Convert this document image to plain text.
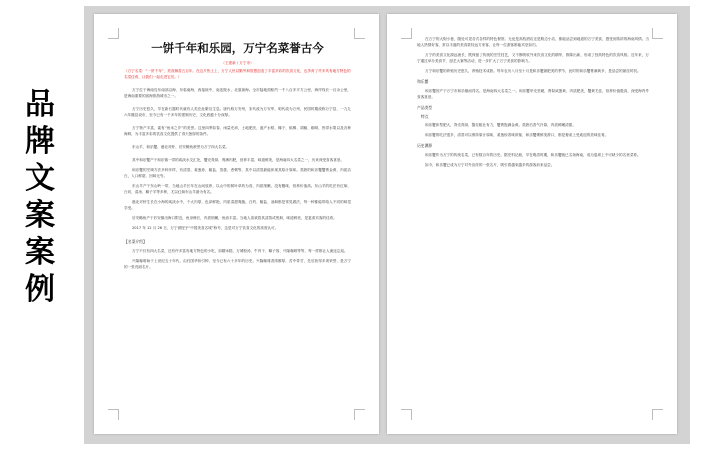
品
牌
文
案
案
例
一饼千年和乐园，万宁名菜誉古今
（王建新 / 万宁市）
（万宁名菜：“一饼千年”，美食飘香五百年。在这片热土上，万宁人民以勤劳和智慧创造了丰富多彩的饮食文化，也孕育了许多具有地方特色的名菜佳肴，让我们一起走进它们。）
万宁位于海南岛东南部沿海，东临南海，西接琼中，南连陵水，北靠琼海。全市陆地面积约一千八百多平方公里，海岸线长一百余公里，是海南重要的滨海旅游城市之一。
万宁历史悠久，早在新石器时代就有人类在此繁衍生息。唐代称万安州，宋代改为万安军，明代改为万州，民国时期改称万宁县，一九九六年撤县设市，至今已有一千多年的建制历史，文化底蕴十分深厚。
万宁物产丰富，素有“鱼米之乡”的美誉。这里四季如春，雨量充沛，土地肥沃，盛产水稻、椰子、槟榔、胡椒、咖啡、热带水果以及各种海鲜，为丰富多彩的饮食文化提供了得天独厚的条件。
东山羊、和乐蟹、港北对虾、后安鲻鱼被誉为万宁四大名菜。
其中和乐蟹产于和乐镇一带的咸淡水交汇处，蟹壳青绿，膏满肉肥，营养丰富，味道鲜美，是海南四大名菜之一，历来深受食客喜爱。
和乐蟹的烹调方法多种多样，有清蒸、姜葱炒、椒盐、蒸蛋、煮粥等，其中以清蒸最能体现其原汁原味。蒸熟的和乐蟹蟹膏金黄，肉质洁白，入口鲜甜，回味无穷。
东山羊产于东山岭一带，当地山羊长年在山间放养，以山中的树叶草药为食，肉质细嫩，没有膻味，营养价值高。东山羊的吃法有红焖、白切、清汤、椰子羊等多种，尤以红焖东山羊最为有名。
港北对虾生长在小海的咸淡水中，个大肉厚，色泽鲜艳，肉质清甜爽脆。白灼、椒盐、油焖都是常见做法，每一种都能带给人不同的味觉享受。
后安鲻鱼产于后安镇出海口附近，鱼身修长，肉质细嫩，鱼油丰富。当地人喜欢将其清蒸或煎焖，味道鲜美，是宴请宾客的佳肴。
2017 年 12 月 26 日，万宁被授予“中国美食名城”称号，这是对万宁饮食文化的高度认可。
【名菜介绍】
万宁不仅有四大名菜，还有许多富有地方特色的小吃，如糯米糕、万城粉汤、牛肉干、椰子饭、兴隆咖啡等等，每一样都让人流连忘返。
兴隆咖啡始于上世纪五十年代，由归国华侨引种，至今已有六十多年的历史。兴隆咖啡香浓醇厚，苦中带甘，先后获得多项荣誉，是万宁的一张亮丽名片。
在万宁的大街小巷，随处可见各式各样的特色餐馆。无论是高档酒店还是路边小店，都能品尝到地道的万宁美食，感受到浓浓的海南风情。当地人热情好客，常以丰盛的美食款待远方来客，让每一位游客都能宾至如归。
万宁的美食文化源远流长，既保留了传统的烹饪技艺，又不断吸收外来饮食文化的精华，推陈出新，形成了独具特色的饮食风格。近年来，万宁通过举办美食节、厨艺大赛等活动，进一步扩大了万宁美食的影响力。
万宁和乐蟹的养殖历史悠久，养殖技术成熟。每年农历八月至十月是和乐蟹最肥美的季节，此时的和乐蟹膏满黄多，是品尝的最佳时机。
和乐蟹
和乐蟹因产于万宁市和乐镇而得名，是海南四大名菜之一。和乐蟹甲壳坚硬，膏似咸蛋黄，肉质肥美，蟹黄尤佳，营养价值极高，深受海内外食客喜爱。
产品类型
特点
和乐蟹体型肥大，背壳青绿，螯足粗壮有力，蟹膏饱满金黄。蒸熟后香气扑鼻，肉质鲜嫩清甜。
和乐蟹的吃法很多，清蒸可以保持原汁原味，姜葱炒香味浓郁，和乐蟹粥鲜美滑口，都是餐桌上受欢迎的美味佳肴。
历史渊源
和乐蟹作为万宁的传统名菜，已有数百年的历史。据史料记载，早在明清时期，和乐蟹就已名扬海南，成为宴席上不可缺少的名贵菜肴。
如今，和乐蟹已成为万宁对外宣传的一张名片，吸引着越来越多的游客前来品尝。
